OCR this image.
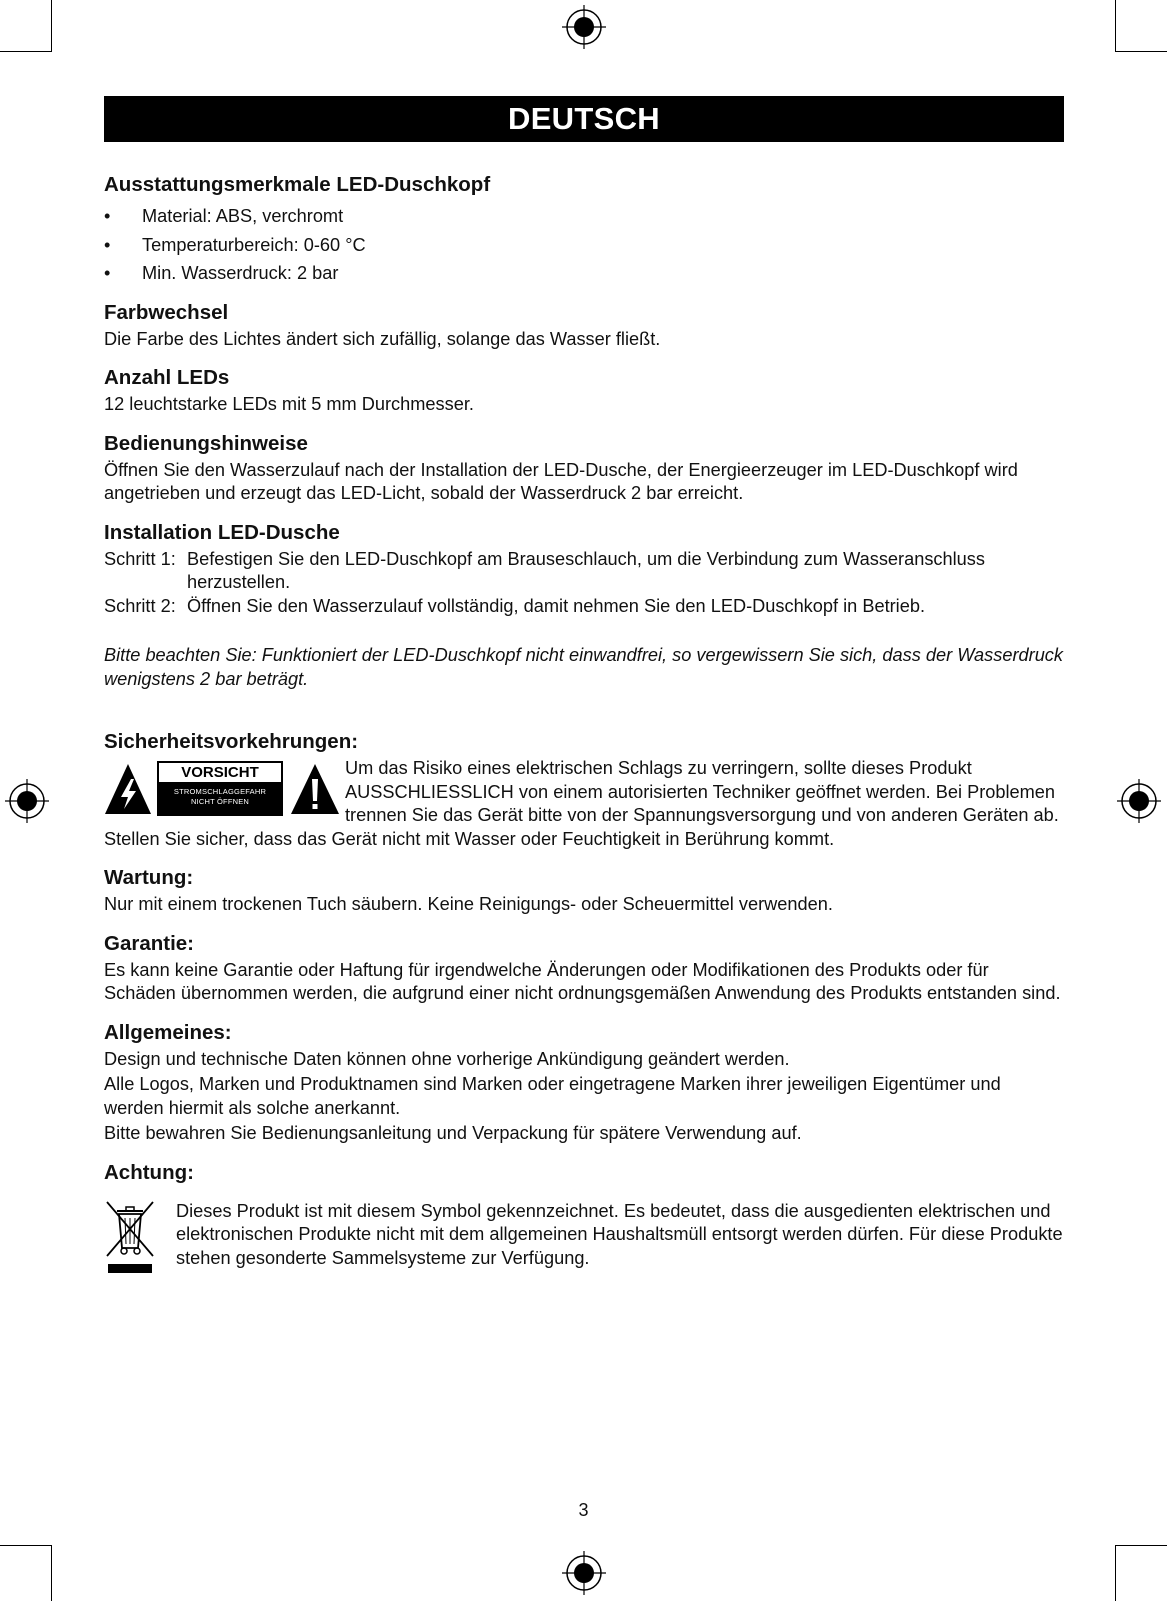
DEUTSCH
Ausstattungsmerkmale LED-Duschkopf
• Material: ABS, verchromt
• Temperaturbereich: 0-60 °C
• Min. Wasserdruck: 2 bar
Farbwechsel

Die Farbe des Lichtes ändert sich zufällig, solange das Wasser fließt.

Anzahl LEDs

12 leuchtstarke LEDs mit 5 mm Durchmesser.

Bedienungshinweise

Öffnen Sie den Wasserzulauf nach der Installation der LED-Dusche, der Energieerzeuger im LED-Duschkopf wird angetrieben und erzeugt das LED-Licht, sobald der Wasserdruck 2 bar erreicht.

Installation LED-Dusche
Schritt 1: Befestigen Sie den LED-Duschkopf am Brauseschlauch, um die Verbindung zum Wasseranschluss herzustellen.
Schritt 2: Öffnen Sie den Wasserzulauf vollständig, damit nehmen Sie den LED-Duschkopf in Betrieb.

Bitte beachten Sie: Funktioniert der LED-Duschkopf nicht einwandfrei, so vergewissern Sie sich, dass der Wasserdruck wenigstens 2 bar beträgt.

Sicherheitsvorkehrungen:
VORSICHT
STROMSCHLAGGEFAHR
NICHT ÖFFNEN

Um das Risiko eines elektrischen Schlags zu verringern, sollte dieses Produkt AUSSCHLIESSLICH von einem autorisierten Techniker geöffnet werden. Bei Problemen trennen Sie das Gerät bitte von der Spannungsversorgung und von anderen Geräten ab. Stellen Sie sicher, dass das Gerät nicht mit Wasser oder Feuchtigkeit in Berührung kommt.

Wartung:

Nur mit einem trockenen Tuch säubern. Keine Reinigungs- oder Scheuermittel verwenden.

Garantie:

Es kann keine Garantie oder Haftung für irgendwelche Änderungen oder Modifikationen des Produkts oder für Schäden übernommen werden, die aufgrund einer nicht ordnungsgemäßen Anwendung des Produkts entstanden sind.

Allgemeines:

Design und technische Daten können ohne vorherige Ankündigung geändert werden.

Alle Logos, Marken und Produktnamen sind Marken oder eingetragene Marken ihrer jeweiligen Eigentümer und werden hiermit als solche anerkannt.

Bitte bewahren Sie Bedienungsanleitung und Verpackung für spätere Verwendung auf.

Achtung:

Dieses Produkt ist mit diesem Symbol gekennzeichnet. Es bedeutet, dass die ausgedienten elektrischen und elektronischen Produkte nicht mit dem allgemeinen Haushaltsmüll entsorgt werden dürfen. Für diese Produkte stehen gesonderte Sammelsysteme zur Verfügung.

3
